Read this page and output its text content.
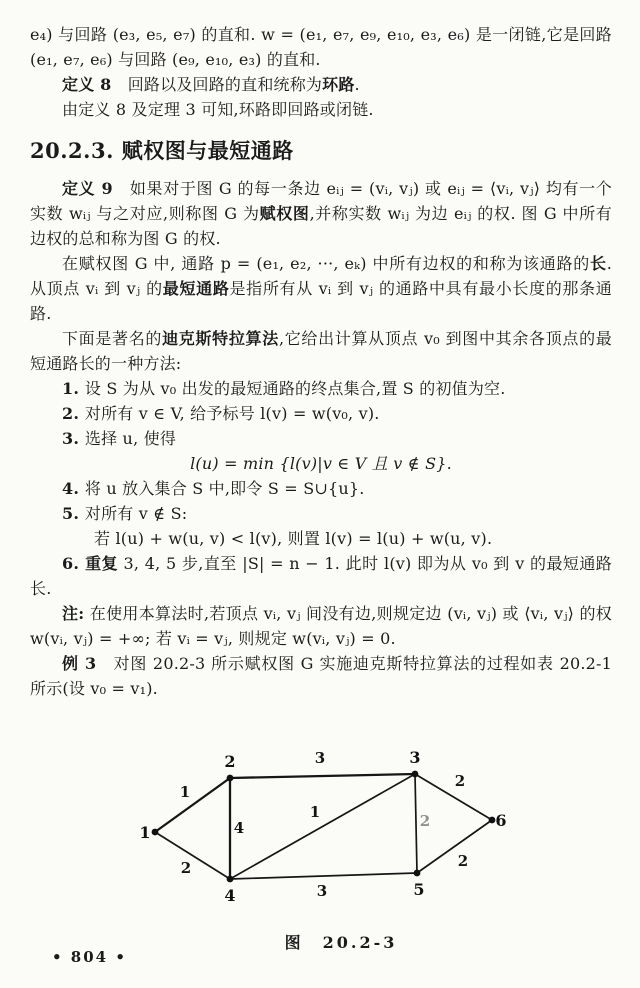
e₄) 与回路 (e₃, e₅, e₇) 的直和. w = (e₁, e₇, e₉, e₁₀, e₃, e₆) 是一闭链,它是回路 (e₁, e₇, e₆) 与回路 (e₉, e₁₀, e₃) 的直和.

定义 8　回路以及回路的直和统称为环路.

由定义 8 及定理 3 可知,环路即回路或闭链.

20.2.3. 赋权图与最短通路

定义 9　如果对于图 G 的每一条边 eᵢⱼ = (vᵢ, vⱼ) 或 eᵢⱼ = ⟨vᵢ, vⱼ⟩ 均有一个实数 wᵢⱼ 与之对应,则称图 G 为赋权图,并称实数 wᵢⱼ 为边 eᵢⱼ 的权. 图 G 中所有边权的总和称为图 G 的权.

在赋权图 G 中, 通路 p = (e₁, e₂, ···, eₖ) 中所有边权的和称为该通路的长. 从顶点 vᵢ 到 vⱼ 的最短通路是指所有从 vᵢ 到 vⱼ 的通路中具有最小长度的那条通路.

下面是著名的迪克斯特拉算法,它给出计算从顶点 v₀ 到图中其余各顶点的最短通路长的一种方法:

1. 设 S 为从 v₀ 出发的最短通路的终点集合,置 S 的初值为空.

2. 对所有 v ∈ V, 给予标号 l(v) = w(v₀, v).

3. 选择 u, 使得

l(u) = min {l(v)|v ∈ V 且 v ∉ S}.

4. 将 u 放入集合 S 中,即令 S = S∪{u}.

5. 对所有 v ∉ S:

若 l(u) + w(u, v) < l(v), 则置 l(v) = l(u) + w(u, v).

6. 重复 3, 4, 5 步,直至 |S| = n − 1. 此时 l(v) 即为从 v₀ 到 v 的最短通路长.

注: 在使用本算法时,若顶点 vᵢ, vⱼ 间没有边,则规定边 (vᵢ, vⱼ) 或 ⟨vᵢ, vⱼ⟩ 的权 w(vᵢ, vⱼ) = +∞; 若 vᵢ = vⱼ, 则规定 w(vᵢ, vⱼ) = 0.

例 3　对图 20.2-3 所示赋权图 G 实施迪克斯特拉算法的过程如表 20.2-1 所示(设 v₀ = v₁).

1
2
4
3
1	2
2
3
2
1
2	3
4	5
6
图　20.2-3
• 804 •
